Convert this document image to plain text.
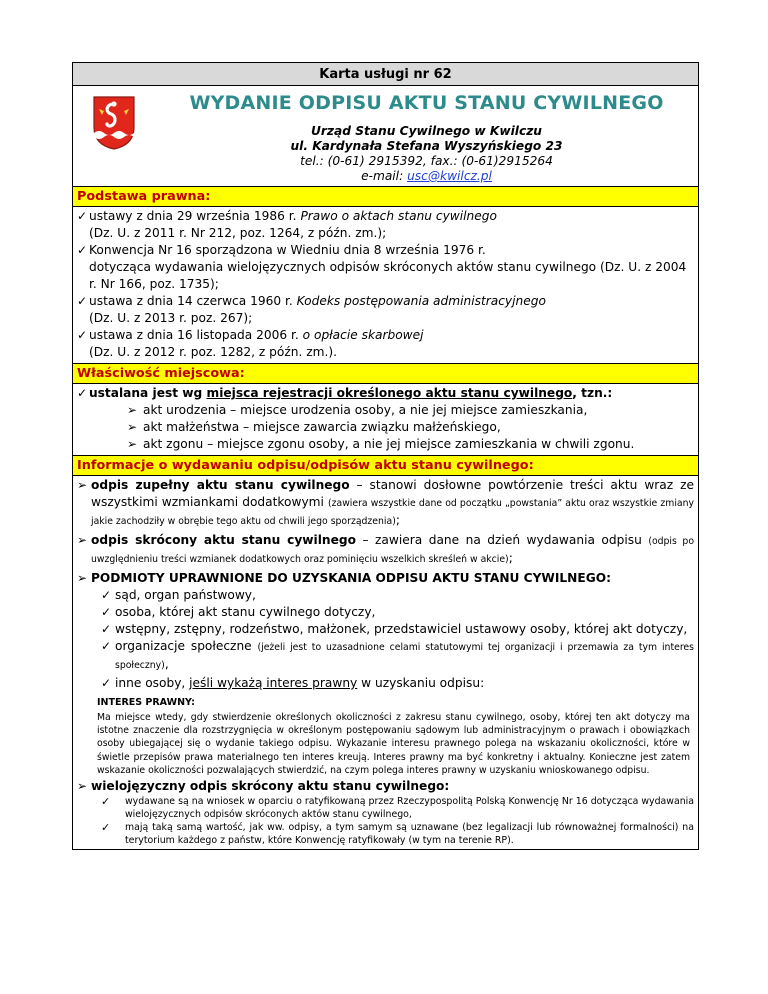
Karta usługi nr 62
WYDANIE ODPISU AKTU STANU CYWILNEGO
Urząd Stanu Cywilnego w Kwilczu
ul. Kardynała Stefana Wyszyńskiego 23
tel.: (0-61) 2915392, fax.: (0-61)2915264
e-mail: usc@kwilcz.pl
Podstawa prawna:
✓
ustawy z dnia 29 września 1986 r. Prawo o aktach stanu cywilnego
(Dz. U. z 2011 r. Nr 212, poz. 1264, z późn. zm.);
✓
Konwencja Nr 16 sporządzona w Wiedniu dnia 8 września 1976 r.
dotycząca wydawania wielojęzycznych odpisów skróconych aktów stanu cywilnego (Dz. U. z 2004 r. Nr 166, poz. 1735);
✓
ustawa z dnia 14 czerwca 1960 r. Kodeks postępowania administracyjnego
(Dz. U. z 2013 r. poz. 267);
✓
ustawa z dnia 16 listopada 2006 r. o opłacie skarbowej
(Dz. U. z 2012 r. poz. 1282, z późn. zm.).
Właściwość miejscowa:
✓
ustalana jest wg miejsca rejestracji określonego aktu stanu cywilnego, tzn.:
➢
akt urodzenia – miejsce urodzenia osoby, a nie jej miejsce zamieszkania,
➢
akt małżeństwa – miejsce zawarcia związku małżeńskiego,
➢
akt zgonu – miejsce zgonu osoby, a nie jej miejsce zamieszkania w chwili zgonu.
Informacje o wydawaniu odpisu/odpisów aktu stanu cywilnego:
➢
odpis zupełny aktu stanu cywilnego – stanowi dosłowne powtórzenie treści aktu wraz ze wszystkimi wzmiankami dodatkowymi (zawiera wszystkie dane od początku „powstania” aktu oraz wszystkie zmiany jakie zachodziły w obrębie tego aktu od chwili jego sporządzenia);
➢
odpis skrócony aktu stanu cywilnego – zawiera dane na dzień wydawania odpisu (odpis po uwzględnieniu treści wzmianek dodatkowych oraz pominięciu wszelkich skreśleń w akcie);
➢
PODMIOTY UPRAWNIONE DO UZYSKANIA ODPISU AKTU STANU CYWILNEGO:
✓
sąd, organ państwowy,
✓
osoba, której akt stanu cywilnego dotyczy,
✓
wstępny, zstępny, rodzeństwo, małżonek, przedstawiciel ustawowy osoby, której akt dotyczy,
✓
organizacje społeczne (jeżeli jest to uzasadnione celami statutowymi tej organizacji i przemawia za tym interes społeczny),
✓
inne osoby, jeśli wykażą interes prawny w uzyskaniu odpisu:
INTERES PRAWNY:
Ma miejsce wtedy, gdy stwierdzenie określonych okoliczności z zakresu stanu cywilnego, osoby, której ten akt dotyczy ma istotne znaczenie dla rozstrzygnięcia w określonym postępowaniu sądowym lub administracyjnym o prawach i obowiązkach osoby ubiegającej się o wydanie takiego odpisu. Wykazanie interesu prawnego polega na wskazaniu okoliczności, które w świetle przepisów prawa materialnego ten interes kreują. Interes prawny ma być konkretny i aktualny. Konieczne jest zatem wskazanie okoliczności pozwalających stwierdzić, na czym polega interes prawny w uzyskaniu wnioskowanego odpisu.
➢
wielojęzyczny odpis skrócony aktu stanu cywilnego:
✓
wydawane są na wniosek w oparciu o ratyfikowaną przez Rzeczypospolitą Polską Konwencję Nr 16 dotycząca wydawania wielojęzycznych odpisów skróconych aktów stanu cywilnego,
✓
mają taką samą wartość, jak ww. odpisy, a tym samym są uznawane (bez legalizacji lub równoważnej formalności) na terytorium każdego z państw, które Konwencję ratyfikowały (w tym na terenie RP).
